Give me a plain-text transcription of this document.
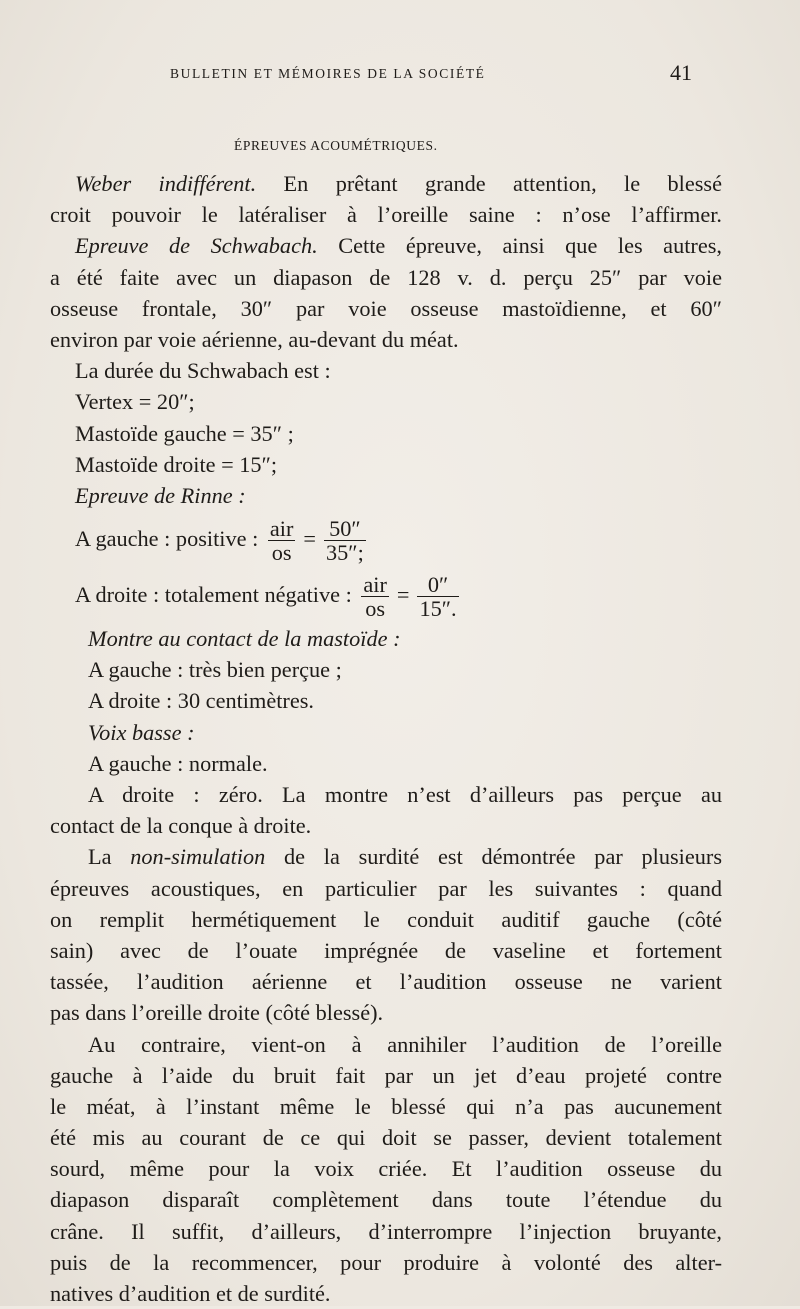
BULLETIN ET MÉMOIRES DE LA SOCIÉTÉ	41
ÉPREUVES ACOUMÉTRIQUES.
Weber indifférent. En prêtant grande attention, le blessé
croit pouvoir le latéraliser à l’oreille saine : n’ose l’affirmer.
Epreuve de Schwabach. Cette épreuve, ainsi que les autres,
a été faite avec un diapason de 128 v. d. perçu 25″ par voie
osseuse frontale, 30″ par voie osseuse mastoïdienne, et 60″
environ par voie aérienne, au-devant du méat.
La durée du Schwabach est :
Vertex = 20″;
Mastoïde gauche = 35″ ;
Mastoïde droite = 15″;
Epreuve de Rinne :
A gauche : positive : $\frac{\text{air}}{os} = \frac{50''}{35'';}$
A droite : totalement négative : $\frac{\text{air}}{os} = \frac{0''}{15''.}$
Montre au contact de la mastoïde :
A gauche : très bien perçue ;
A droite : 30 centimètres.
Voix basse :
A gauche : normale.
A droite : zéro. La montre n’est d’ailleurs pas perçue au
contact de la conque à droite.
La non-simulation de la surdité est démontrée par plusieurs
épreuves acoustiques, en particulier par les suivantes : quand
on remplit hermétiquement le conduit auditif gauche (côté
sain) avec de l’ouate imprégnée de vaseline et fortement
tassée, l’audition aérienne et l’audition osseuse ne varient
pas dans l’oreille droite (côté blessé).
Au contraire, vient-on à annihiler l’audition de l’oreille
gauche à l’aide du bruit fait par un jet d’eau projeté contre
le méat, à l’instant même le blessé qui n’a pas aucunement
été mis au courant de ce qui doit se passer, devient totalement
sourd, même pour la voix criée. Et l’audition osseuse du
diapason disparaît complètement dans toute l’étendue du
crâne. Il suffit, d’ailleurs, d’interrompre l’injection bruyante,
puis de la recommencer, pour produire à volonté des alter-
natives d’audition et de surdité.
